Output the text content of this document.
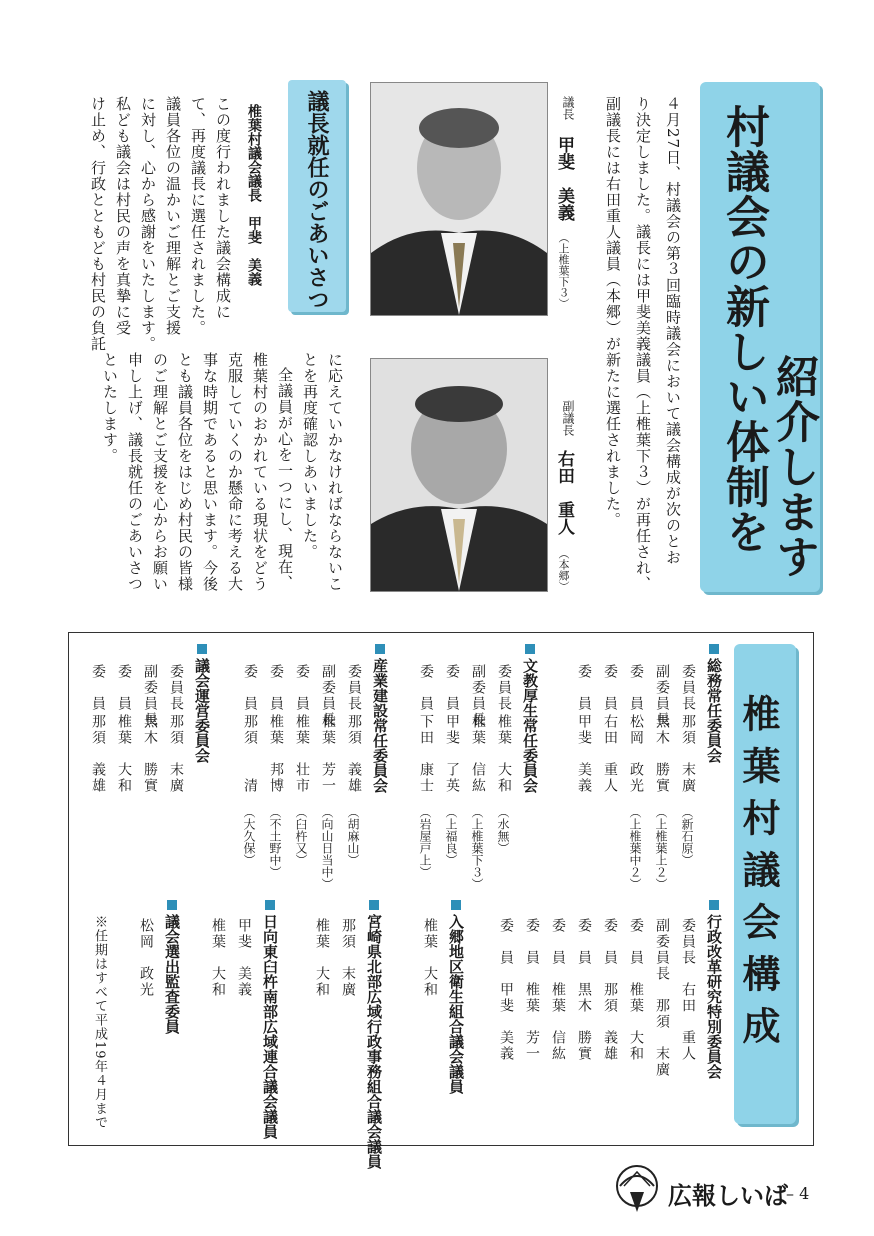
村議会の新しい体制を 紹介します
４月27日、村議会の第３回臨時議会において議会構成が次のとお
り決定しました。議長には甲斐美義議員（上椎葉下３）が再任され、
副議長には右田重人議員（本郷）が新たに選任されました。
議長
甲斐　美義
（上椎葉下３）
副議長
右田　重人
（本郷）
議長就任のごあいさつ
椎葉村議会議長　甲斐　美義
この度行われました議会構成に
て、再度議長に選任されました。
議員各位の温かいご理解とご支援
に対し、心から感謝をいたします。
私ども議会は村民の声を真摯に受
け止め、行政とともども村民の負託
に応えていかなければならないこ
とを再度確認しあいました。
全議員が心を一つにし、現在、
椎葉村のおかれている現状をどう
克服していくのか懸命に考える大
事な時期であると思います。今後
とも議員各位をはじめ村民の皆様
のご理解とご支援を心からお願い
申し上げ、議長就任のごあいさつ
といたします。
椎葉村議会構成
総務常任委員会
委員長
那須　末廣
（新石原）
副委員長
黒木　勝實
（上椎葉上２）
委　員
松岡　政光
（上椎葉中２）
委　員
右田　重人
委　員
甲斐　美義
文教厚生常任委員会
委員長
椎葉　大和
（水無）
副委員長
椎葉　信紘
（上椎葉下３）
委　員
甲斐　了英
（上福良）
委　員
下田　康士
（岩屋戸上）
産業建設常任委員会
委員長
那須　義雄
（胡麻山）
副委員長
椎葉　芳一
（向山日当中）
委　員
椎葉　壮市
（臼杵又）
委　員
椎葉　邦博
（不土野中）
委　員
那須　　清
（大久保）
議会運営委員会
委員長
那須　末廣
副委員長
黒木　勝實
委　員
椎葉　大和
委　員
那須　義雄
行政改革研究特別委員会
委員長　右田　重人
副委員長　那須　末廣
委　員　椎葉　大和
委　員　那須　義雄
委　員　黒木　勝實
委　員　椎葉　信紘
委　員　椎葉　芳一
委　員　甲斐　美義
入郷地区衛生組合議会議員
椎葉　大和
宮崎県北部広域行政事務組合議会議員
那須　末廣
椎葉　大和
日向東臼杵南部広域連合議会議員
甲斐　美義
椎葉　大和
議会選出監査委員
松岡　政光
※任期はすべて平成19年４月まで
広報しいば
– 4
